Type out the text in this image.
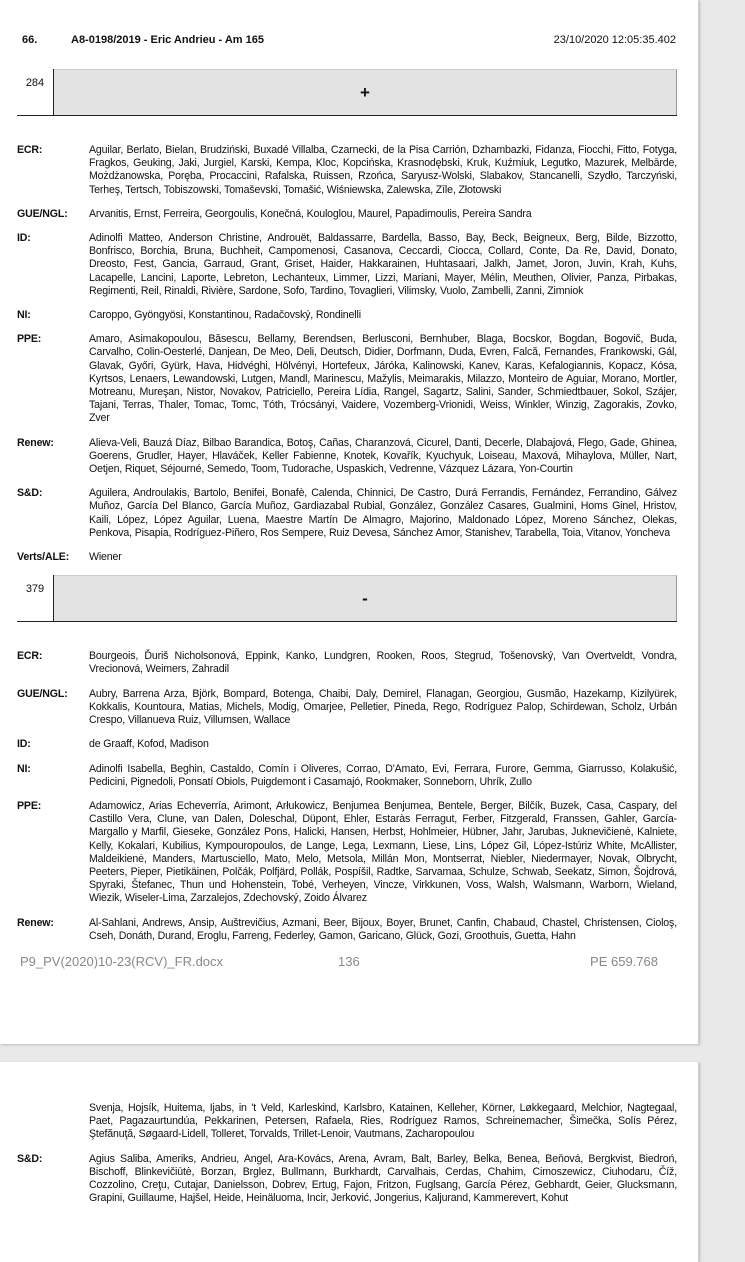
66.	A8-0198/2019 - Eric Andrieu - Am 165	23/10/2020 12:05:35.402
284	+
ECR:	Aguilar, Berlato, Bielan, Brudziński, Buxadé Villalba, Czarnecki, de la Pisa Carrión, Dzhambazki, Fidanza, Fiocchi, Fitto, Fotyga, Fragkos, Geuking, Jaki, Jurgiel, Karski, Kempa, Kloc, Kopcińska, Krasnodębski, Kruk, Kuźmiuk, Legutko, Mazurek, Melbārde, Możdżanowska, Poręba, Procaccini, Rafalska, Ruissen, Rzońca, Saryusz-Wolski, Slabakov, Stancanelli, Szydło, Tarczyński, Terheş, Tertsch, Tobiszowski, Tomaševski, Tomašić, Wiśniewska, Zalewska, Zīle, Złotowski
GUE/NGL:	Arvanitis, Ernst, Ferreira, Georgoulis, Konečná, Kouloglou, Maurel, Papadimoulis, Pereira Sandra
ID:	Adinolfi Matteo, Anderson Christine, Androuët, Baldassarre, Bardella, Basso, Bay, Beck, Beigneux, Berg, Bilde, Bizzotto, Bonfrisco, Borchia, Bruna, Buchheit, Campomenosi, Casanova, Ceccardi, Ciocca, Collard, Conte, Da Re, David, Donato, Dreosto, Fest, Gancia, Garraud, Grant, Griset, Haider, Hakkarainen, Huhtasaari, Jalkh, Jamet, Joron, Juvin, Krah, Kuhs, Lacapelle, Lancini, Laporte, Lebreton, Lechanteux, Limmer, Lizzi, Mariani, Mayer, Mélin, Meuthen, Olivier, Panza, Pirbakas, Regimenti, Reil, Rinaldi, Rivière, Sardone, Sofo, Tardino, Tovaglieri, Vilimsky, Vuolo, Zambelli, Zanni, Zimniok
NI:	Caroppo, Gyöngyösi, Konstantinou, Radačovský, Rondinelli
PPE:	Amaro, Asimakopoulou, Băsescu, Bellamy, Berendsen, Berlusconi, Bernhuber, Blaga, Bocskor, Bogdan, Bogovič, Buda, Carvalho, Colin-Oesterlé, Danjean, De Meo, Deli, Deutsch, Didier, Dorfmann, Duda, Evren, Falcă, Fernandes, Frankowski, Gál, Glavak, Győri, Gyürk, Hava, Hidvéghi, Hölvényi, Hortefeux, Járóka, Kalinowski, Kanev, Karas, Kefalogiannis, Kopacz, Kósa, Kyrtsos, Lenaers, Lewandowski, Lutgen, Mandl, Marinescu, Mažylis, Meimarakis, Milazzo, Monteiro de Aguiar, Morano, Mortler, Motreanu, Mureşan, Nistor, Novakov, Patriciello, Pereira Lídia, Rangel, Sagartz, Salini, Sander, Schmiedtbauer, Sokol, Szájer, Tajani, Terras, Thaler, Tomac, Tomc, Tóth, Trócsányi, Vaidere, Vozemberg-Vrionidi, Weiss, Winkler, Winzig, Zagorakis, Zovko, Zver
Renew:	Alieva-Veli, Bauzá Díaz, Bilbao Barandica, Botoş, Cañas, Charanzová, Cicurel, Danti, Decerle, Dlabajová, Flego, Gade, Ghinea, Goerens, Grudler, Hayer, Hlaváček, Keller Fabienne, Knotek, Kovařík, Kyuchyuk, Loiseau, Maxová, Mihaylova, Müller, Nart, Oetjen, Riquet, Séjourné, Semedo, Toom, Tudorache, Uspaskich, Vedrenne, Vázquez Lázara, Yon-Courtin
S&D:	Aguilera, Androulakis, Bartolo, Benifei, Bonafè, Calenda, Chinnici, De Castro, Durá Ferrandis, Fernández, Ferrandino, Gálvez Muñoz, García Del Blanco, García Muñoz, Gardiazabal Rubial, González, González Casares, Gualmini, Homs Ginel, Hristov, Kaili, López, López Aguilar, Luena, Maestre Martín De Almagro, Majorino, Maldonado López, Moreno Sánchez, Olekas, Penkova, Pisapia, Rodríguez-Piñero, Ros Sempere, Ruiz Devesa, Sánchez Amor, Stanishev, Tarabella, Toia, Vitanov, Yoncheva
Verts/ALE:	Wiener
379	-
ECR:	Bourgeois, Ďuriš Nicholsonová, Eppink, Kanko, Lundgren, Rooken, Roos, Stegrud, Tošenovský, Van Overtveldt, Vondra, Vrecionová, Weimers, Zahradil
GUE/NGL:	Aubry, Barrena Arza, Björk, Bompard, Botenga, Chaibi, Daly, Demirel, Flanagan, Georgiou, Gusmão, Hazekamp, Kizilyürek, Kokkalis, Kountoura, Matias, Michels, Modig, Omarjee, Pelletier, Pineda, Rego, Rodríguez Palop, Schirdewan, Scholz, Urbán Crespo, Villanueva Ruiz, Villumsen, Wallace
ID:	de Graaff, Kofod, Madison
NI:	Adinolfi Isabella, Beghin, Castaldo, Comín i Oliveres, Corrao, D'Amato, Evi, Ferrara, Furore, Gemma, Giarrusso, Kolakušić, Pedicini, Pignedoli, Ponsatí Obiols, Puigdemont i Casamajó, Rookmaker, Sonneborn, Uhrík, Zullo
PPE:	Adamowicz, Arias Echeverría, Arimont, Arłukowicz, Benjumea Benjumea, Bentele, Berger, Bilčík, Buzek, Casa, Caspary, del Castillo Vera, Clune, van Dalen, Doleschal, Düpont, Ehler, Estaràs Ferragut, Ferber, Fitzgerald, Franssen, Gahler, García-Margallo y Marfil, Gieseke, González Pons, Halicki, Hansen, Herbst, Hohlmeier, Hübner, Jahr, Jarubas, Juknevičienė, Kalniete, Kelly, Kokalari, Kubilius, Kympouropoulos, de Lange, Lega, Lexmann, Liese, Lins, López Gil, López-Istúriz White, McAllister, Maldeikienė, Manders, Martusciello, Mato, Melo, Metsola, Millán Mon, Montserrat, Niebler, Niedermayer, Novak, Olbrycht, Peeters, Pieper, Pietikäinen, Polčák, Polfjärd, Pollák, Pospíšil, Radtke, Sarvamaa, Schulze, Schwab, Seekatz, Simon, Šojdrová, Spyraki, Štefanec, Thun und Hohenstein, Tobé, Verheyen, Vincze, Virkkunen, Voss, Walsh, Walsmann, Warborn, Wieland, Wiezik, Wiseler-Lima, Zarzalejos, Zdechovský, Zoido Álvarez
Renew:	Al-Sahlani, Andrews, Ansip, Auštrevičius, Azmani, Beer, Bijoux, Boyer, Brunet, Canfin, Chabaud, Chastel, Christensen, Cioloş, Cseh, Donáth, Durand, Eroglu, Farreng, Federley, Gamon, Garicano, Glück, Gozi, Groothuis, Guetta, Hahn
P9_PV(2020)10-23(RCV)_FR.docx	136	PE 659.768
Svenja, Hojsík, Huitema, Ijabs, in 't Veld, Karleskind, Karlsbro, Katainen, Kelleher, Körner, Løkkegaard, Melchior, Nagtegaal, Paet, Pagazaurtundúa, Pekkarinen, Petersen, Rafaela, Ries, Rodríguez Ramos, Schreinemacher, Šimečka, Solís Pérez, Ştefănuţă, Søgaard-Lidell, Tolleret, Torvalds, Trillet-Lenoir, Vautmans, Zacharopoulou
S&D:	Agius Saliba, Ameriks, Andrieu, Angel, Ara-Kovács, Arena, Avram, Balt, Barley, Belka, Benea, Beňová, Bergkvist, Biedroń, Bischoff, Blinkevičiūtė, Borzan, Brglez, Bullmann, Burkhardt, Carvalhais, Cerdas, Chahim, Cimoszewicz, Ciuhodaru, Číž, Cozzolino, Creţu, Cutajar, Danielsson, Dobrev, Ertug, Fajon, Fritzon, Fuglsang, García Pérez, Gebhardt, Geier, Glucksmann, Grapini, Guillaume, Hajšel, Heide, Heinäluoma, Incir, Jerković, Jongerius, Kaljurand, Kammerevert, Kohut
